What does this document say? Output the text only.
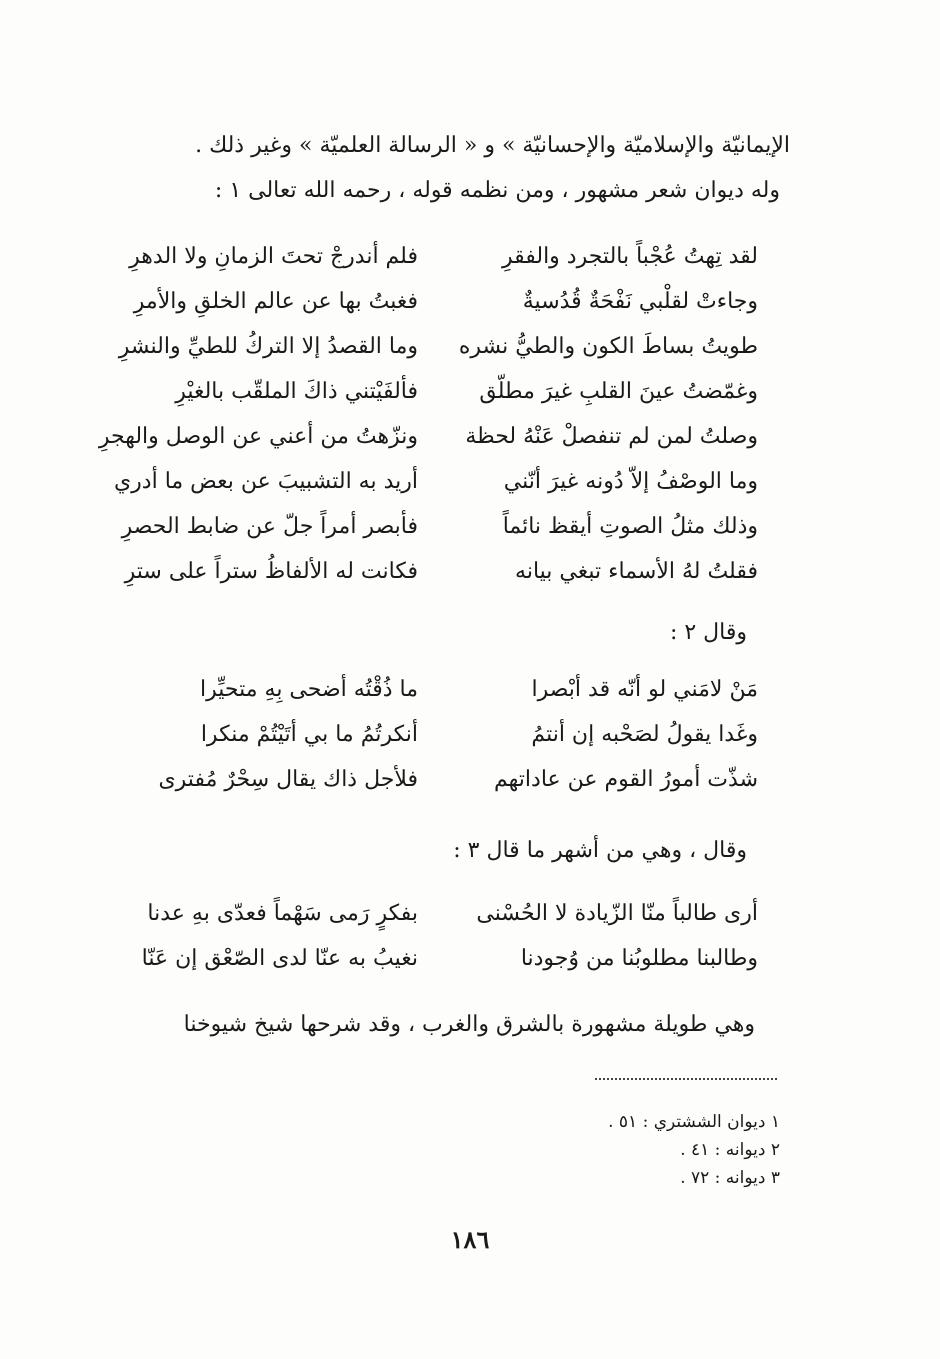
الإيمانيّة والإسلاميّة والإحسانيّة » و « الرسالة العلميّة » وغير ذلك .
وله ديوان شعر مشهور ، ومن نظمه قوله ، رحمه الله تعالى ١ :
لقد تِهتُ عُجْباً بالتجرد والفقرِ
فلم أندرجْ تحتَ الزمانِ ولا الدهرِ
وجاءتْ لقلْبي نَفْحَةٌ قُدُسيةٌ
فغبتُ بها عن عالم الخلقِ والأمرِ
طويتُ بساطَ الكون والطيُّ نشره
وما القصدُ إلا التركُ للطيِّ والنشرِ
وغمّضتُ عينَ القلبِ غيرَ مطلّق
فألفَيْتني ذاكَ الملقّب بالغيْرِ
وصلتُ لمن لم تنفصلْ عَنْهُ لحظة
ونزّهتُ من أعني عن الوصل والهجرِ
وما الوصْفُ إلاّ دُونه غيرَ أنّني
أريد به التشبيبَ عن بعض ما أدري
وذلك مثلُ الصوتِ أيقظ نائماً
فأبصر أمراً جلّ عن ضابط الحصرِ
فقلتُ لهُ الأسماء تبغي بيانه
فكانت له الألفاظُ ستراً على سترِ
وقال ٢ :
مَنْ لامَني لو أنّه قد أبْصرا
ما ذُقْتُه أضحى بِهِ متحيِّرا
وغَدا يقولُ لصَحْبه إن أنتمُ
أنكرتُمُ ما بي أتَيْتُمْ منكرا
شذّت أمورُ القوم عن عاداتهم
فلأجل ذاك يقال سِحْرٌ مُفترى
وقال ، وهي من أشهر ما قال ٣ :
أرى طالباً منّا الزّيادة لا الحُسْنى
بفكرٍ رَمى سَهْماً فعدّى بهِ عدنا
وطالبنا مطلوبُنا من وُجودنا
نغيبُ به عنّا لدى الصّعْق إن عَنّا
وهي طويلة مشهورة بالشرق والغرب ، وقد شرحها شيخ شيوخنا
١ ديوان الششتري : ٥١ .
٢ ديوانه : ٤١ .
٣ ديوانه : ٧٢ .
١٨٦
